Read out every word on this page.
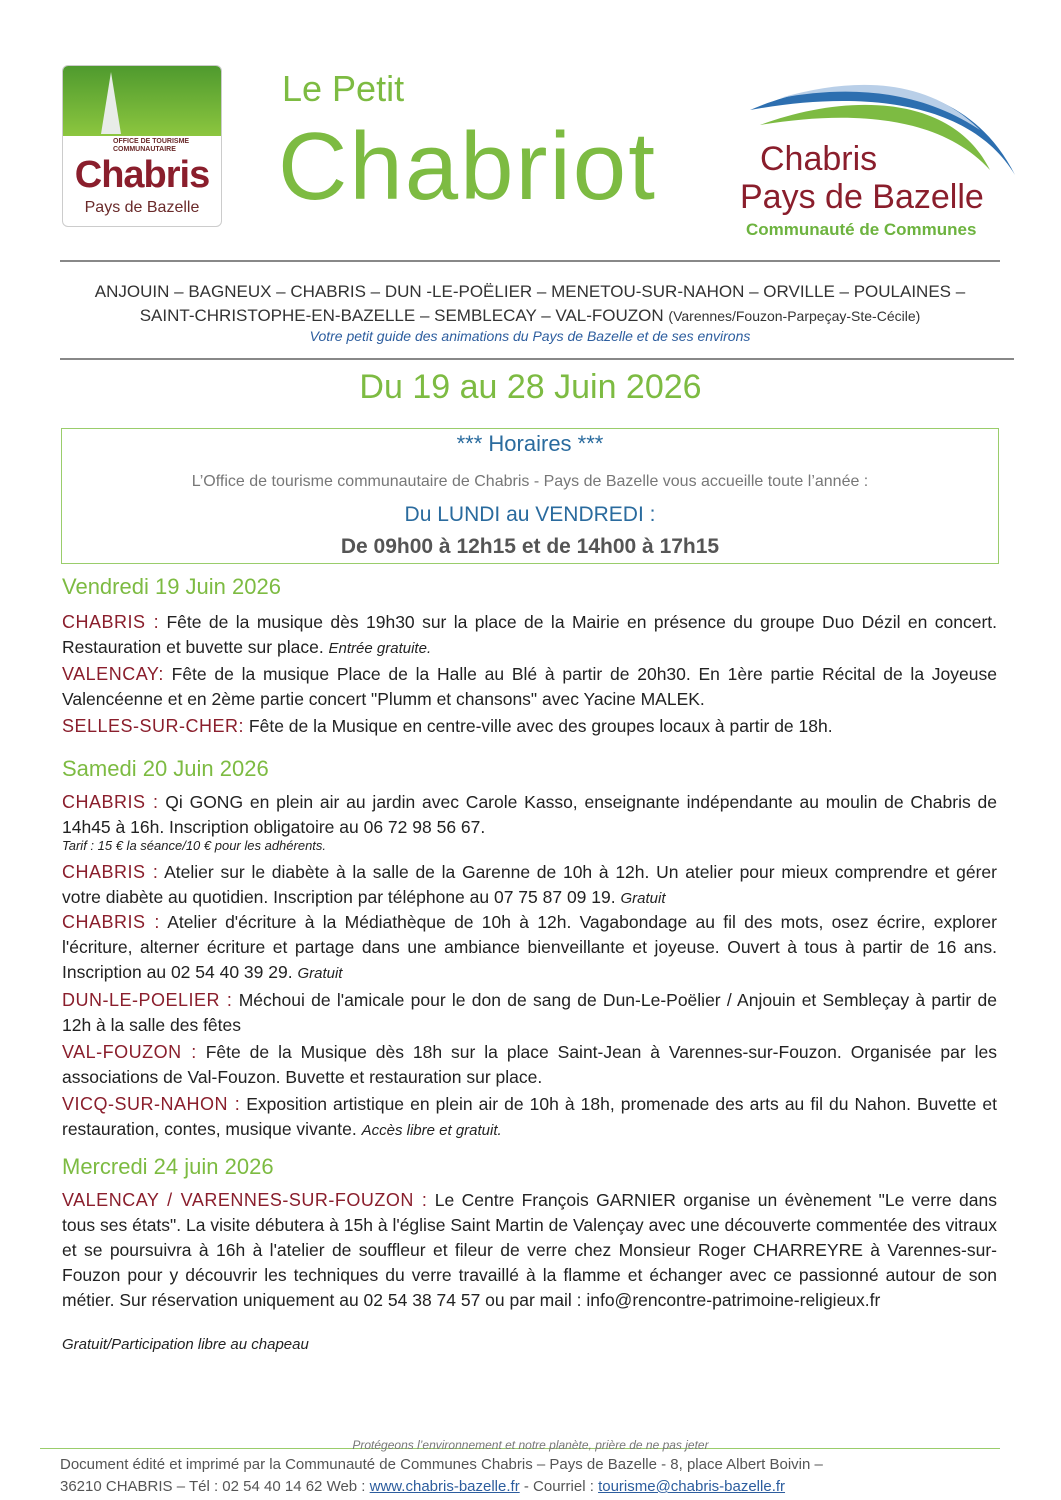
OFFICE DE TOURISME COMMUNAUTAIRE
Chabris
Pays de Bazelle
Le Petit
Chabriot	Chabris
Pays de Bazelle
Communauté de Communes
ANJOUIN – BAGNEUX – CHABRIS – DUN -LE-POËLIER – MENETOU-SUR-NAHON – ORVILLE – POULAINES –
SAINT-CHRISTOPHE-EN-BAZELLE – SEMBLECAY – VAL-FOUZON (Varennes/Fouzon-Parpeçay-Ste-Cécile)
Votre petit guide des animations du Pays de Bazelle et de ses environs
Du 19 au 28 Juin 2026
*** Horaires ***
L’Office de tourisme communautaire de Chabris - Pays de Bazelle vous accueille toute l’année :
Du LUNDI au VENDREDI :
De 09h00 à 12h15 et de 14h00 à 17h15
Vendredi 19 Juin 2026
CHABRIS : Fête de la musique dès 19h30 sur la place de la Mairie en présence du groupe Duo Dézil en concert. Restauration et buvette sur place. Entrée gratuite.
VALENCAY: Fête de la musique Place de la Halle au Blé à partir de 20h30. En 1ère partie Récital de la Joyeuse Valencéenne et en 2ème partie concert "Plumm et chansons" avec Yacine MALEK.
SELLES-SUR-CHER: Fête de la Musique en centre-ville avec des groupes locaux à partir de 18h.
Samedi 20 Juin 2026
CHABRIS : Qi GONG en plein air au jardin avec Carole Kasso, enseignante indépendante au moulin de Chabris de 14h45 à 16h. Inscription obligatoire au 06 72 98 56 67.
Tarif : 15 € la séance/10 € pour les adhérents.
CHABRIS : Atelier sur le diabète à la salle de la Garenne de 10h à 12h. Un atelier pour mieux comprendre et gérer votre diabète au quotidien. Inscription par téléphone au 07 75 87 09 19. Gratuit
CHABRIS : Atelier d'écriture à la Médiathèque de 10h à 12h. Vagabondage au fil des mots, osez écrire, explorer l'écriture, alterner écriture et partage dans une ambiance bienveillante et joyeuse. Ouvert à tous à partir de 16 ans. Inscription au 02 54 40 39 29. Gratuit
DUN-LE-POELIER : Méchoui de l'amicale pour le don de sang de Dun-Le-Poëlier / Anjouin et Sembleçay à partir de 12h à la salle des fêtes
VAL-FOUZON : Fête de la Musique dès 18h sur la place Saint-Jean à Varennes-sur-Fouzon. Organisée par les associations de Val-Fouzon. Buvette et restauration sur place.
VICQ-SUR-NAHON : Exposition artistique en plein air de 10h à 18h, promenade des arts au fil du Nahon. Buvette et restauration, contes, musique vivante. Accès libre et gratuit.
Mercredi 24 juin 2026
VALENCAY / VARENNES-SUR-FOUZON : Le Centre François GARNIER organise un évènement "Le verre dans tous ses états". La visite débutera à 15h à l'église Saint Martin de Valençay avec une découverte commentée des vitraux et se poursuivra à 16h à l'atelier de souffleur et fileur de verre chez Monsieur Roger CHARREYRE à Varennes-sur-Fouzon pour y découvrir les techniques du verre travaillé à la flamme et échanger avec ce passionné autour de son métier. Sur réservation uniquement au 02 54 38 74 57 ou par mail : info@rencontre-patrimoine-religieux.fr
Gratuit/Participation libre au chapeau
Protégeons l’environnement et notre planète, prière de ne pas jeter
Document édité et imprimé par la Communauté de Communes Chabris – Pays de Bazelle - 8, place Albert Boivin –
36210 CHABRIS – Tél : 02 54 40 14 62 Web : www.chabris-bazelle.fr - Courriel : tourisme@chabris-bazelle.fr
